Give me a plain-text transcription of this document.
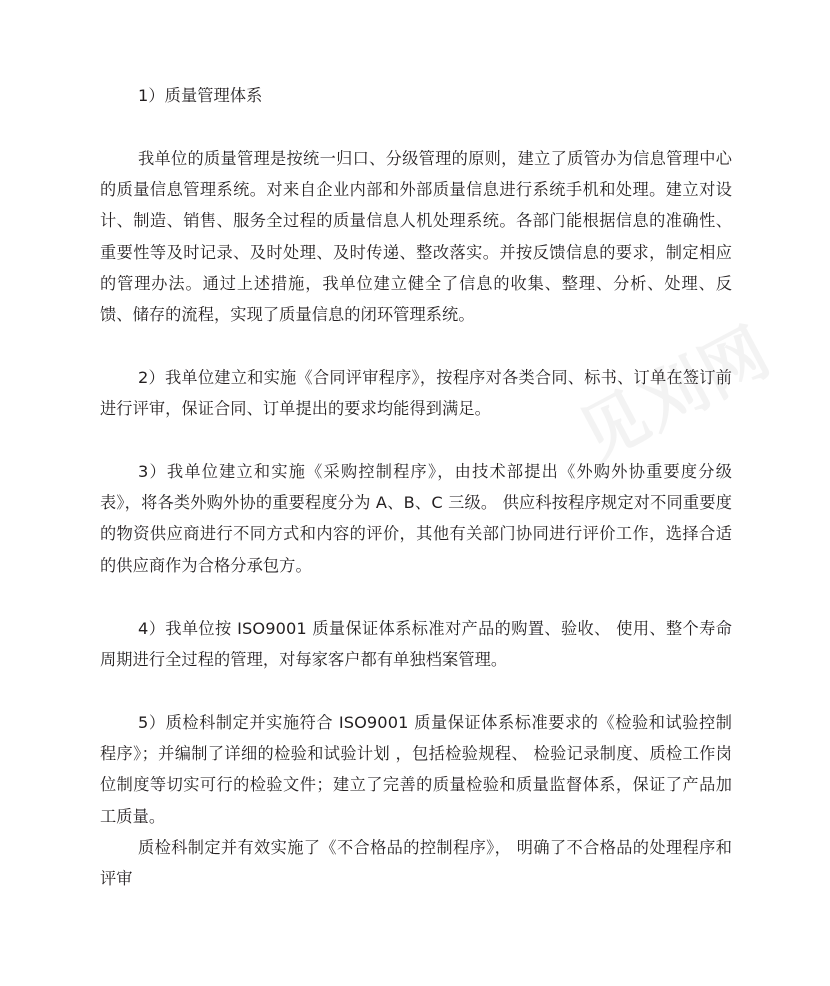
1）质量管理体系

我单位的质量管理是按统一归口、分级管理的原则，建立了质管办为信息管理中心的质量信息管理系统。对来自企业内部和外部质量信息进行系统手机和处理。建立对设计、制造、销售、服务全过程的质量信息人机处理系统。各部门能根据信息的准确性、重要性等及时记录、及时处理、及时传递、整改落实。并按反馈信息的要求，制定相应的管理办法。通过上述措施，我单位建立健全了信息的收集、整理、分析、处理、反馈、储存的流程，实现了质量信息的闭环管理系统。

2）我单位建立和实施《合同评审程序》，按程序对各类合同、标书、订单在签订前进行评审，保证合同、订单提出的要求均能得到满足。

3）我单位建立和实施《采购控制程序》，由技术部提出《外购外协重要度分级表》，将各类外购外协的重要程度分为 A、B、C 三级。 供应科按程序规定对不同重要度的物资供应商进行不同方式和内容的评价，其他有关部门协同进行评价工作，选择合适的供应商作为合格分承包方。

4）我单位按 ISO9001 质量保证体系标准对产品的购置、验收、 使用、整个寿命周期进行全过程的管理，对每家客户都有单独档案管理。

5）质检科制定并实施符合 ISO9001 质量保证体系标准要求的《检验和试验控制程序》；并编制了详细的检验和试验计划 ，包括检验规程、 检验记录制度、质检工作岗位制度等切实可行的检验文件；建立了完善的质量检验和质量监督体系，保证了产品加工质量。

质检科制定并有效实施了《不合格品的控制程序》， 明确了不合格品的处理程序和评审
